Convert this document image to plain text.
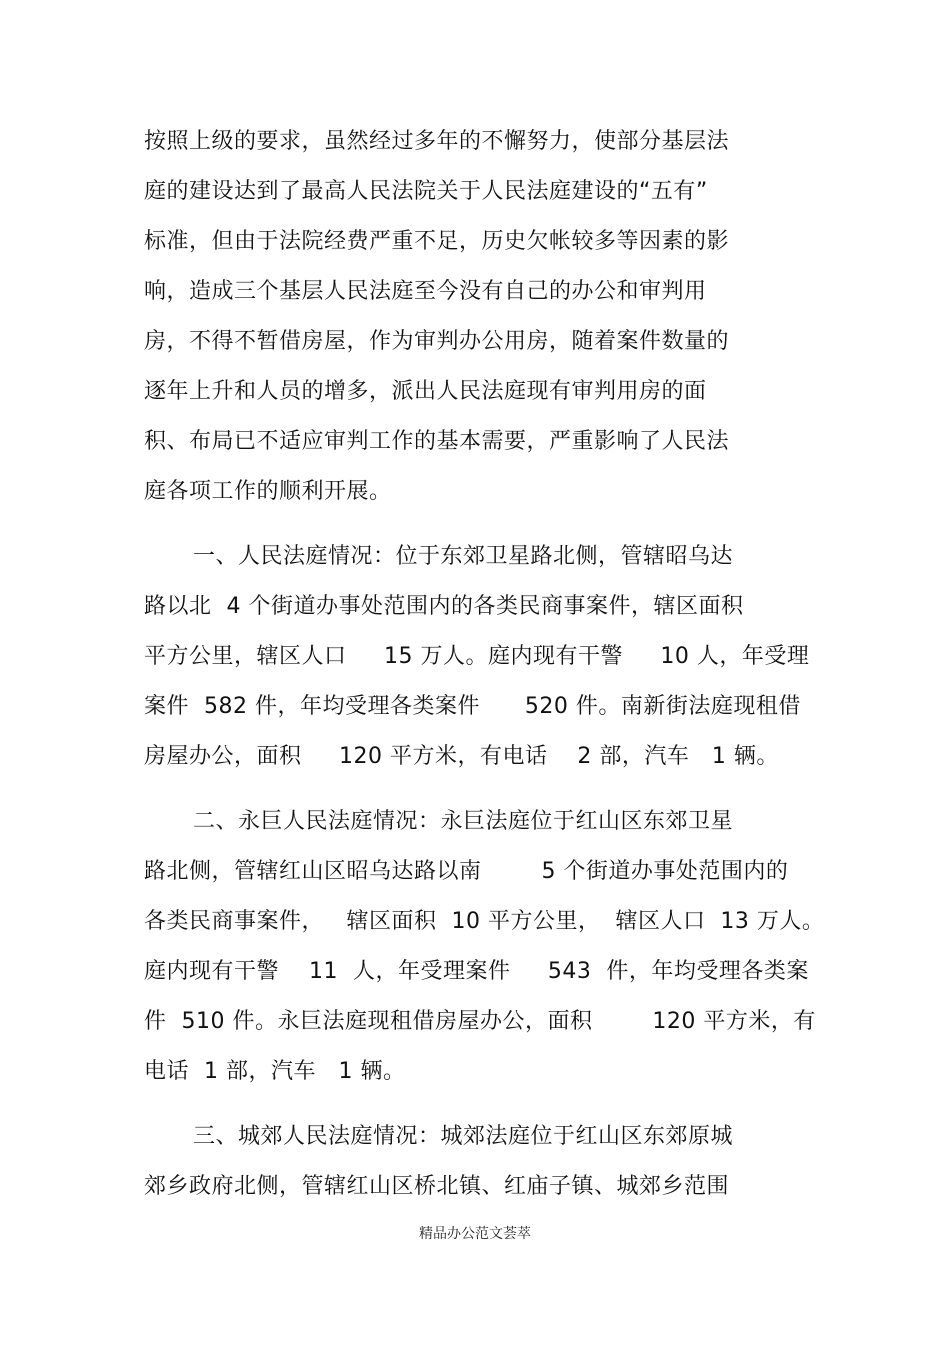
按照上级的要求，虽然经过多年的不懈努力，使部分基层法
庭的建设达到了最高人民法院关于人民法庭建设的“五有”
标准，但由于法院经费严重不足，历史欠帐较多等因素的影
响，造成三个基层人民法庭至今没有自己的办公和审判用
房，不得不暂借房屋，作为审判办公用房，随着案件数量的
逐年上升和人员的增多，派出人民法庭现有审判用房的面
积、布局已不适应审判工作的基本需要，严重影响了人民法
庭各项工作的顺利开展。
一、人民法庭情况：位于东郊卫星路北侧，管辖昭乌达
路以北  4 个街道办事处范围内的各类民商事案件，辖区面积
平方公里，辖区人口     15 万人。庭内现有干警     10 人，年受理
案件  582 件，年均受理各类案件      520 件。南新街法庭现租借
房屋办公，面积     120 平方米，有电话    2 部，汽车   1 辆。
二、永巨人民法庭情况：永巨法庭位于红山区东郊卫星
路北侧，管辖红山区昭乌达路以南        5 个街道办事处范围内的
各类民商事案件，   辖区面积  10 平方公里，  辖区人口  13 万人。
庭内现有干警    11  人，年受理案件     543  件，年均受理各类案
件  510 件。永巨法庭现租借房屋办公，面积        120 平方米，有
电话  1 部，汽车   1 辆。
三、城郊人民法庭情况：城郊法庭位于红山区东郊原城
郊乡政府北侧，管辖红山区桥北镇、红庙子镇、城郊乡范围
精品办公范文荟萃
